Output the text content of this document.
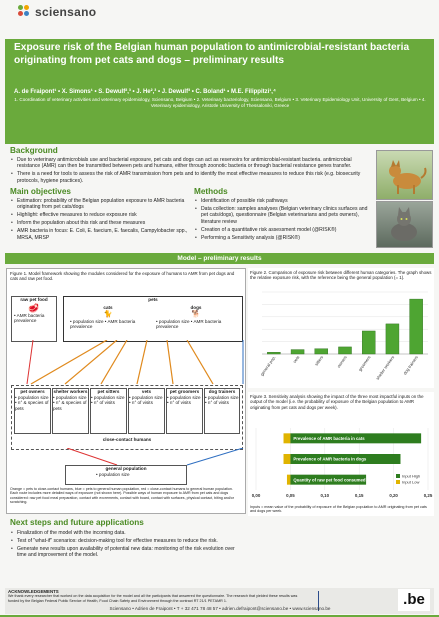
sciensano
Exposure risk of the Belgian human population to antimicrobial-resistant bacteria originating from pet cats and dogs – preliminary results
A. de Fraipont¹ • X. Simons¹ • S. Dewulf²,³ • J. He²,³ • J. Dewulf³ • C. Boland¹ • M.E. Filippitzi¹,⁴
1. Coordination of veterinary activities and veterinary epidemiology, Sciensano, Belgium • 2. Veterinary bacteriology, Sciensano, Belgium • 3. Veterinary Epidemiology Unit, University of Gent, Belgium • 4. Veterinary epidemiology, Aristotle University of Thessaloniki, Greece
Background
• Due to veterinary antimicrobials use and bacterial exposure, pet cats and dogs can act as reservoirs for antimicrobial-resistant bacteria. antimicrobial resistance (AMR) can then be transmitted between pets and humans, either through zoonotic bacteria or through bacterial resistance genes transfer.
• There is a need for tools to assess the risk of AMR transmission from pets and to identify the most effective measures to reduce this risk (e.g. biosecurity protocols, hygiene practices).
Main objectives
• Estimation: probability of the Belgian population exposure to AMR bacteria originating from pet cats/dogs
• Highlight: effective measures to reduce exposure risk
• Inform the population about this risk and these measures
• AMR bacteria in focus: E. Coli, E. faecium, E. faecalis, Campylobacter spp., MRSA, MRSP
Methods
• Identification of possible risk pathways
• Data collection: samples analyses (Belgian veterinary clinics surfaces and pet cats/dogs), questionnaire (Belgian veterinarians and pets owners), literature review
• Creation of a quantitative risk assessment model (@RISK®)
• Performing a Sensitivity analysis (@RISK®)
Model – preliminary results
Figure 1. Model framework showing the modules considered for the exposure of humans to AMR from pet dogs and cats and raw pet food.
raw pet food
🥩
• AMR bacteria prevalence
pets
cats
🐈
• population size • AMR bacteria prevalence
dogs
🐕
• population size • AMR bacteria prevalence
pet owners
• population size • n° & species of pets
shelter workers
• population size • n° & species of pets
pet sitters
• population size • n° of visits
vets
• population size • n° of visits
pet groomers
• population size • n° of visits
dog trainers
• population size • n° of visits
close-contact humans
general population
• population size
Orange = pets to close-contact humans, blue = pets to general human population, red = close-contact humans to general human population. Each route includes more detailed ways of exposure (not shown here). Possible ways of human exposure to AMR from pet cats and dogs considered: raw pet food meal preparation, contact with excrements, contact with board, contact with surfaces, physical contact, biting and/or scratching.
Figure 2. Comparison of exposure risk between different human categories. The graph shows the relative exposure risk, with the reference being the general population (= 1).
general pop.	vets	sitters	owners groomers shelter workers dog trainers
Figure 3. Sensitivity analysis showing the impact of the three most impactful inputs on the output of the model (i.e. the probability of exposure of the Belgian population to AMR originating from pet cats and dogs per week).
0,00	0,05	0,10	0,15	0,20	0,25
Prevalence of AMR bacteria in cats
Prevalence of AMR bacteria in dogs
Quantity of raw pet food consumed
Input High
Input Low
Inputs = mean value of the probability of exposure of the Belgian population to AMR originating from pet cats and dogs per week.
Next steps and future applications
• Finalization of the model with the incoming data.
• Test of "what-if" scenarios: decision-making tool for effective measures to reduce the risk.
• Generate new results upon availability of potential new data: monitoring of the risk evolution over time and improvement of the model.
ACKNOWLEDGEMENTS
We thank every researcher that worked on the data acquisition for the model and all the participants that answered the questionnaire. The research that yielded these results was funded by the Belgian Federal Public Service of Health, Food Chain Safety and Environment through the contract RT 21/1 PETAMR 1.	.be
Sciensano • Adrien de Fraipont • T + 32 471 78 48 57 • adrien.defraipont@sciensano.be • www.sciensano.be
